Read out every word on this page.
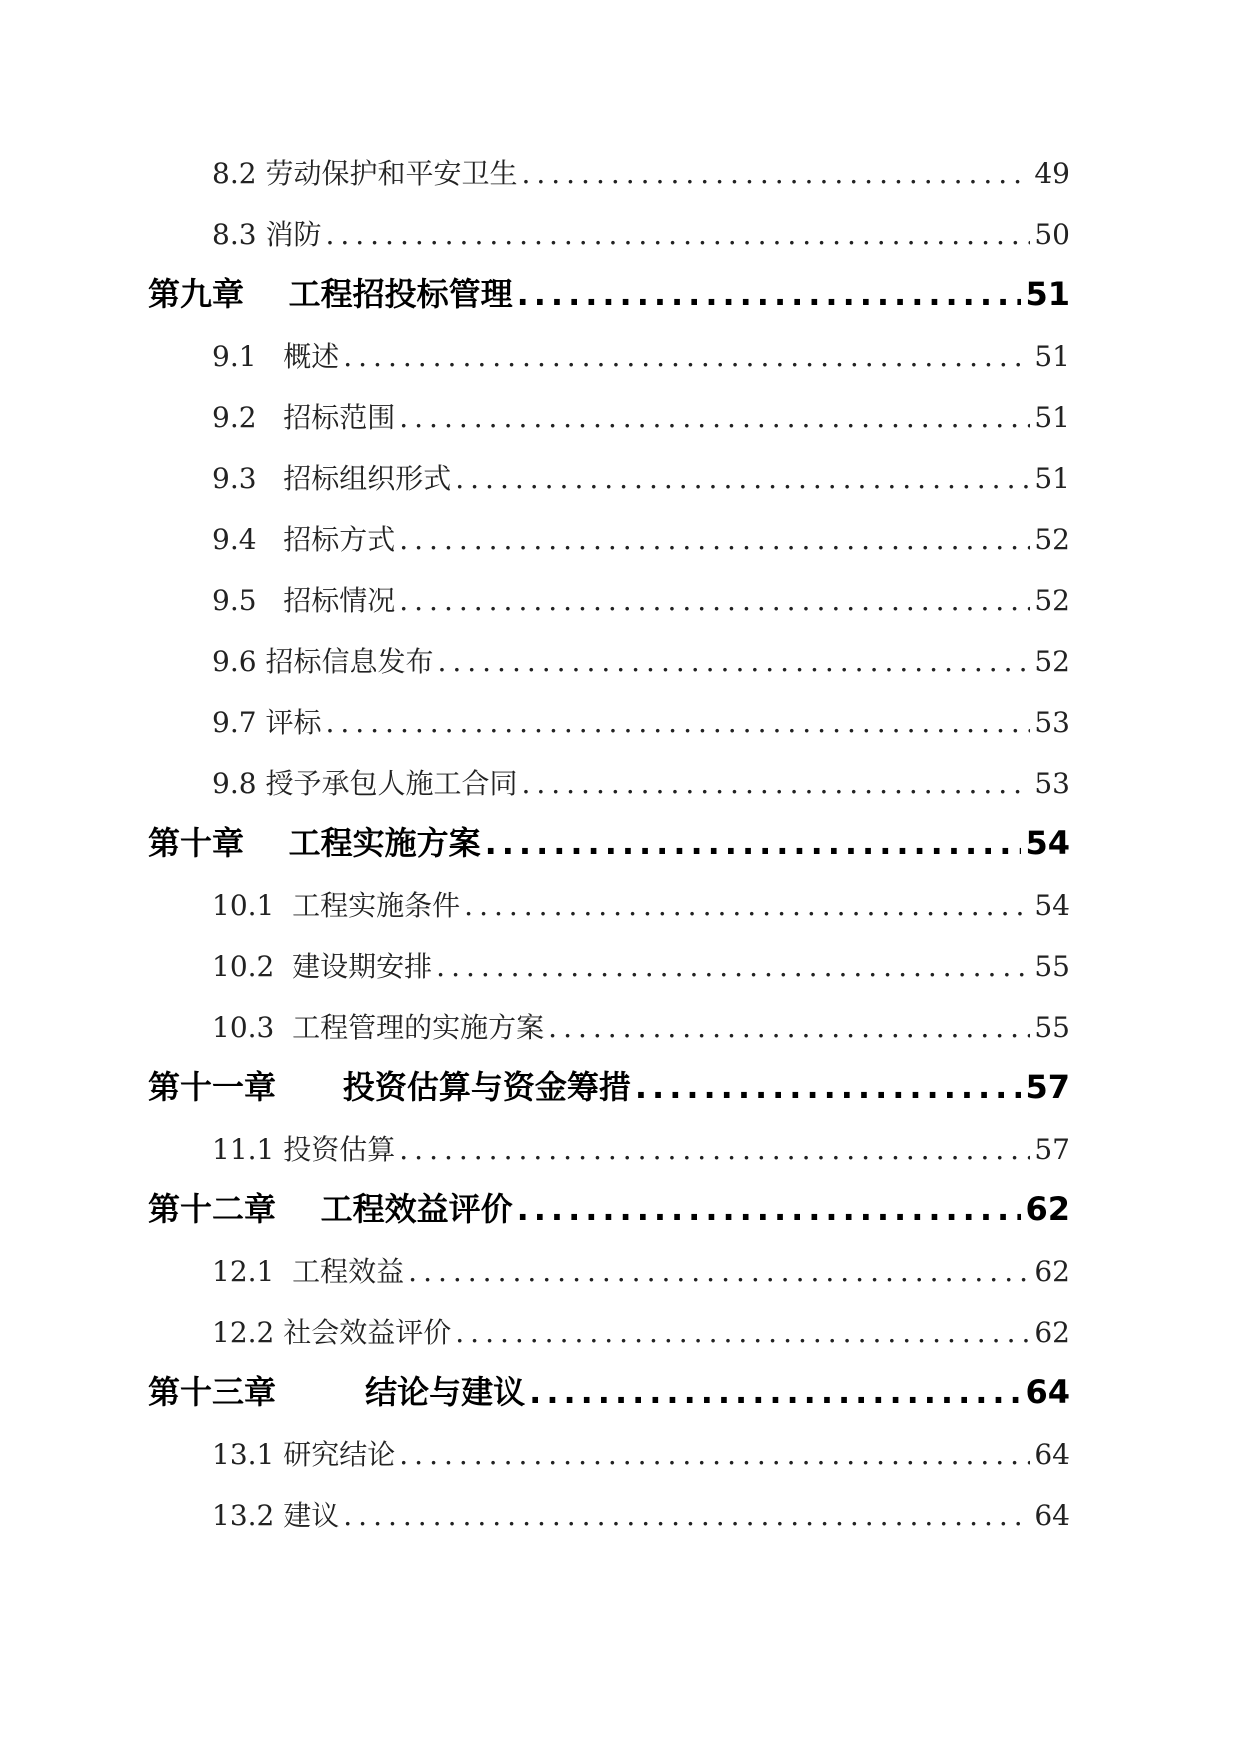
8.2 劳动保护和平安卫生 .....	49
8.3 消防 .....	50
第九章 工程招投标管理 .....	51
9.1 概述 .....	51
9.2 招标范围 .....	51
9.3 招标组织形式 .....	51
9.4 招标方式 .....	52
9.5 招标情况 .....	52
9.6 招标信息发布 .....	52
9.7 评标 .....	53
9.8 授予承包人施工合同 .....	53
第十章 工程实施方案 .....	54
10.1 工程实施条件 .....	54
10.2 建设期安排 .....	55
10.3 工程管理的实施方案 .....	55
第十一章 投资估算与资金筹措 .....	57
11.1 投资估算 .....	57
第十二章 工程效益评价 .....	62
12.1 工程效益 .....	62
12.2 社会效益评价 .....	62
第十三章	结论与建议 .....	64
13.1 研究结论 .....	64
13.2 建议 .....	64
